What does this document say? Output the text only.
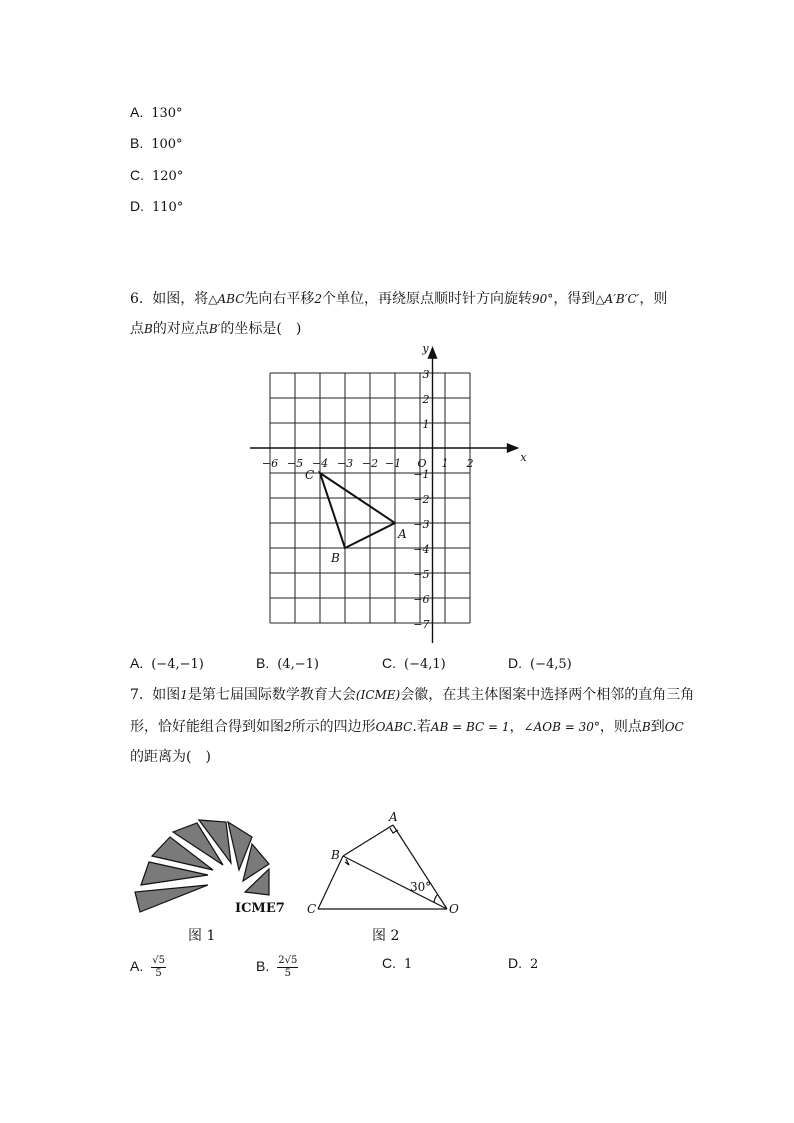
A. 130°
B. 100°
C. 120°
D. 110°
6. 如图，将△ABC先向右平移2个单位，再绕原点顺时针方向旋转90°，得到△A′B′C′，则
点B的对应点B′的坐标是(　)
−6 −5 −4 −3 −2 −1	1 2
3
2
1
−1
−2
−3
−4
−5
−6
−7
O	x
y
A
B
C
A. (−4,−1)	B. (4,−1)	C. (−4,1)	D. (−4,5)
7. 如图1是第七届国际数学教育大会(ICME)会徽，在其主体图案中选择两个相邻的直角三角
形，恰好能组合得到如图2所示的四边形OABC.若AB = BC = 1，∠AOB = 30°，则点B到OC
的距离为(　)
ICME7
A
B
C	O
30°
图 1	图 2
A. $\frac{√5}{5}$	B. $\frac{2√5}{5}$	C. 1	D. 2
